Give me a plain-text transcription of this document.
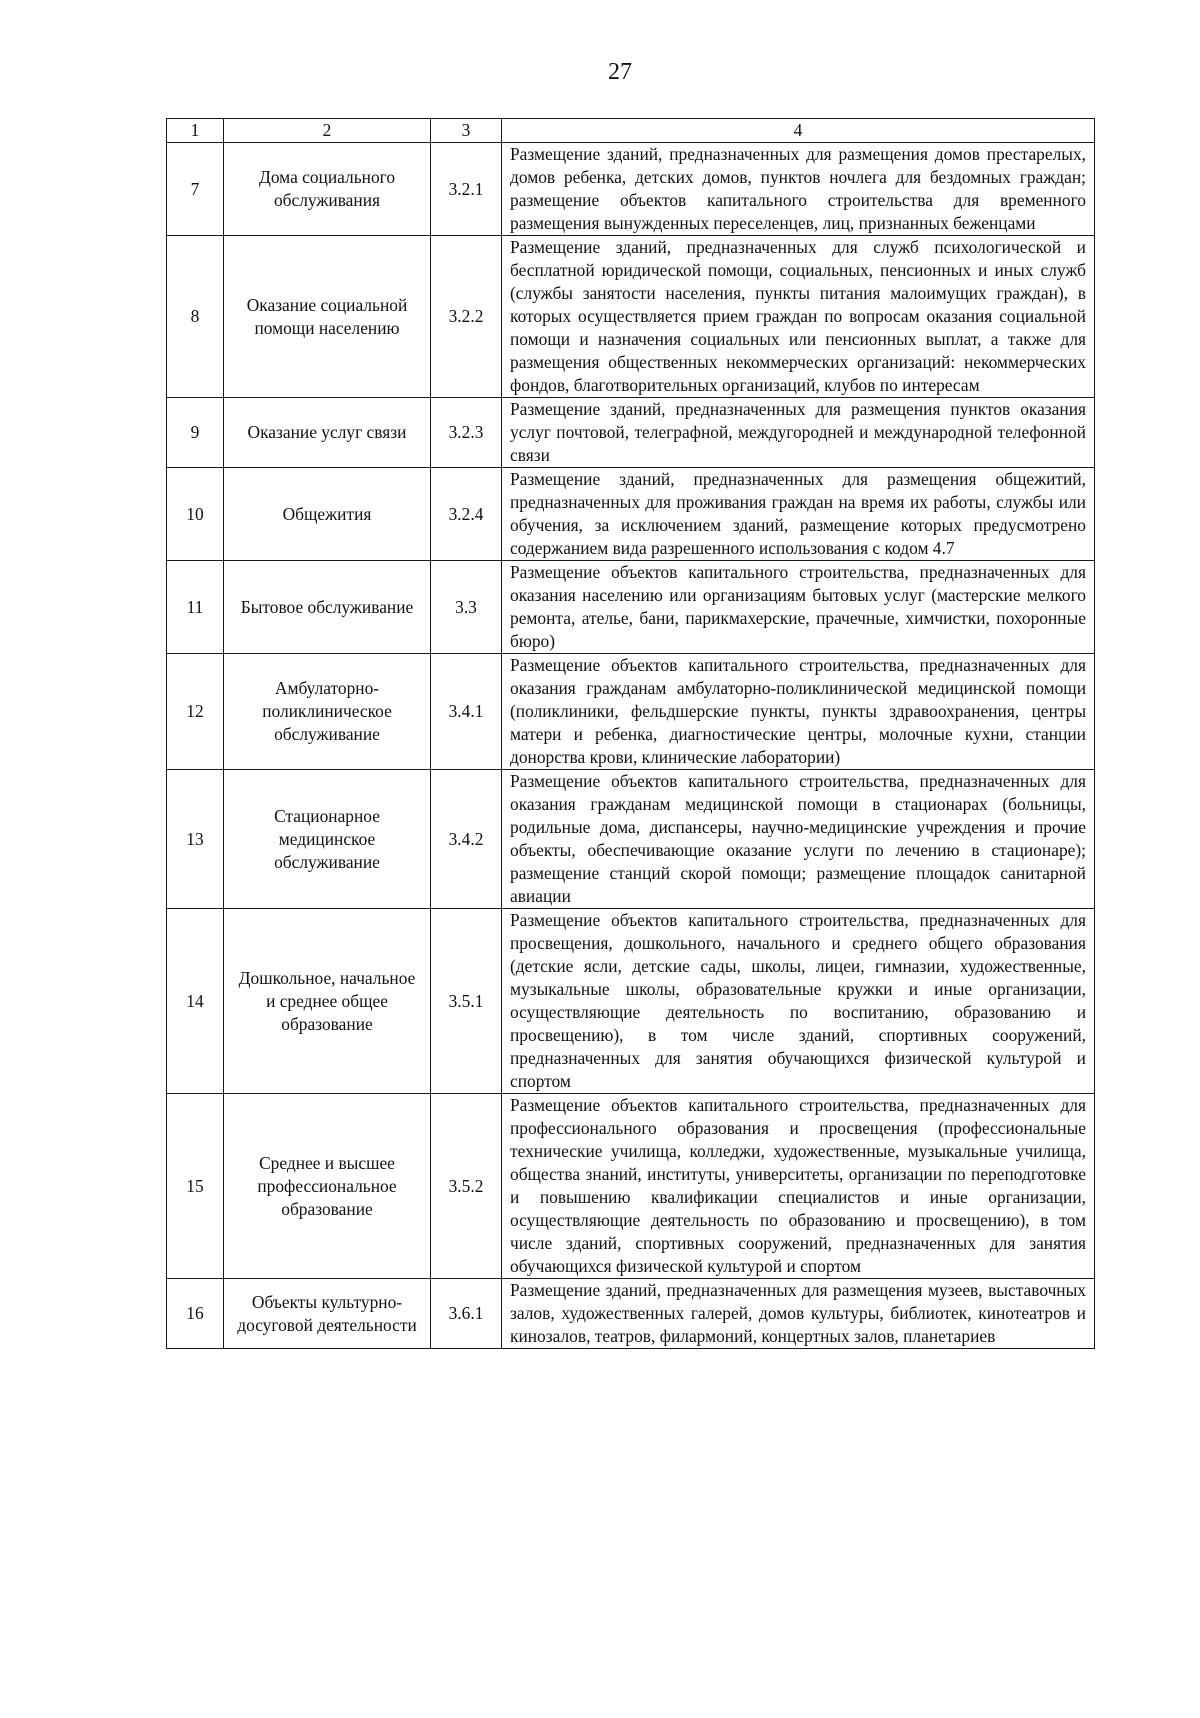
27
1	2	3	4
7	Дома социального обслуживания	3.2.1	Размещение зданий, предназначенных для размещения домов престарелых, домов ребенка, детских домов, пунктов ночлега для бездомных граждан; размещение объектов капитального строительства для временного размещения вынужденных переселенцев, лиц, признанных беженцами
8	Оказание социальной помощи населению	3.2.2	Размещение зданий, предназначенных для служб психологической и бесплатной юридической помощи, социальных, пенсионных и иных служб (службы занятости населения, пункты питания малоимущих граждан), в которых осуществляется прием граждан по вопросам оказания социальной помощи и назначения социальных или пенсионных выплат, а также для размещения общественных некоммерческих организаций: некоммерческих фондов, благотворительных организаций, клубов по интересам
9	Оказание услуг связи	3.2.3	Размещение зданий, предназначенных для размещения пунктов оказания услуг почтовой, телеграфной, междугородней и международной телефонной связи
10	Общежития	3.2.4	Размещение зданий, предназначенных для размещения общежитий, предназначенных для проживания граждан на время их работы, службы или обучения, за исключением зданий, размещение которых предусмотрено содержанием вида разрешенного использования с кодом 4.7
11	Бытовое обслуживание	3.3	Размещение объектов капитального строительства, предназначенных для оказания населению или организациям бытовых услуг (мастерские мелкого ремонта, ателье, бани, парикмахерские, прачечные, химчистки, похоронные бюро)
12	Амбулаторно-поликлиническое обслуживание	3.4.1	Размещение объектов капитального строительства, предназначенных для оказания гражданам амбулаторно-поликлинической медицинской помощи (поликлиники, фельдшерские пункты, пункты здравоохранения, центры матери и ребенка, диагностические центры, молочные кухни, станции донорства крови, клинические лаборатории)
13	Стационарное медицинское обслуживание	3.4.2	Размещение объектов капитального строительства, предназначенных для оказания гражданам медицинской помощи в стационарах (больницы, родильные дома, диспансеры, научно-медицинские учреждения и прочие объекты, обеспечивающие оказание услуги по лечению в стационаре); размещение станций скорой помощи; размещение площадок санитарной авиации
14	Дошкольное, начальное и среднее общее образование	3.5.1	Размещение объектов капитального строительства, предназначенных для просвещения, дошкольного, начального и среднего общего образования (детские ясли, детские сады, школы, лицеи, гимназии, художественные, музыкальные школы, образовательные кружки и иные организации, осуществляющие деятельность по воспитанию, образованию и просвещению), в том числе зданий, спортивных сооружений, предназначенных для занятия обучающихся физической культурой и спортом
15	Среднее и высшее профессиональное образование	3.5.2	Размещение объектов капитального строительства, предназначенных для профессионального образования и просвещения (профессиональные технические училища, колледжи, художественные, музыкальные училища, общества знаний, институты, университеты, организации по переподготовке и повышению квалификации специалистов и иные организации, осуществляющие деятельность по образованию и просвещению), в том числе зданий, спортивных сооружений, предназначенных для занятия обучающихся физической культурой и спортом
16	Объекты культурно-досуговой деятельности	3.6.1	Размещение зданий, предназначенных для размещения музеев, выставочных залов, художественных галерей, домов культуры, библиотек, кинотеатров и кинозалов, театров, филармоний, концертных залов, планетариев
